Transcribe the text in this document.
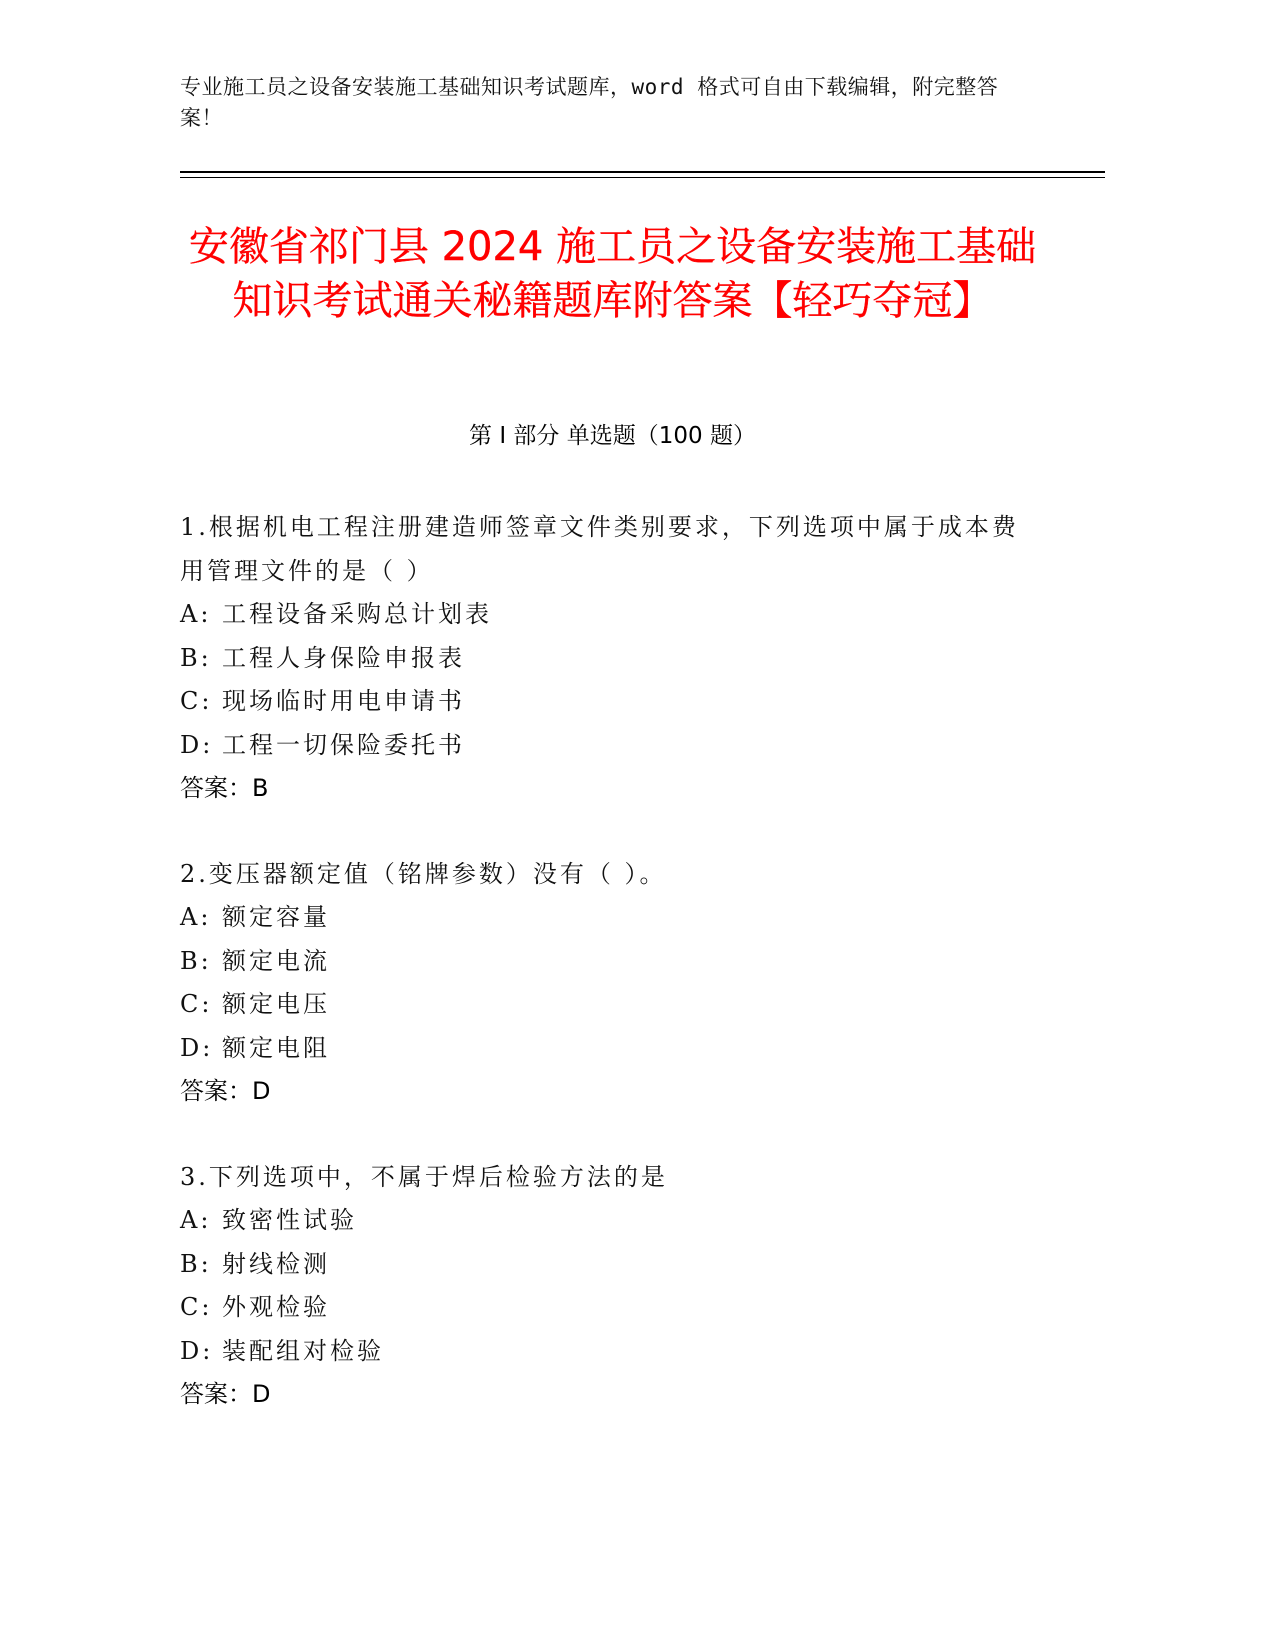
专业施工员之设备安装施工基础知识考试题库，word 格式可自由下载编辑，附完整答案！
安徽省祁门县 2024 施工员之设备安装施工基础知识考试通关秘籍题库附答案【轻巧夺冠】
第 I 部分 单选题（100 题）

1.根据机电工程注册建造师签章文件类别要求，下列选项中属于成本费用管理文件的是（ ）

A: 工程设备采购总计划表

B: 工程人身保险申报表

C: 现场临时用电申请书

D: 工程一切保险委托书

答案：B

2.变压器额定值（铭牌参数）没有（ ）。

A: 额定容量

B: 额定电流

C: 额定电压

D: 额定电阻

答案：D

3.下列选项中，不属于焊后检验方法的是

A: 致密性试验

B: 射线检测

C: 外观检验

D: 装配组对检验

答案：D
